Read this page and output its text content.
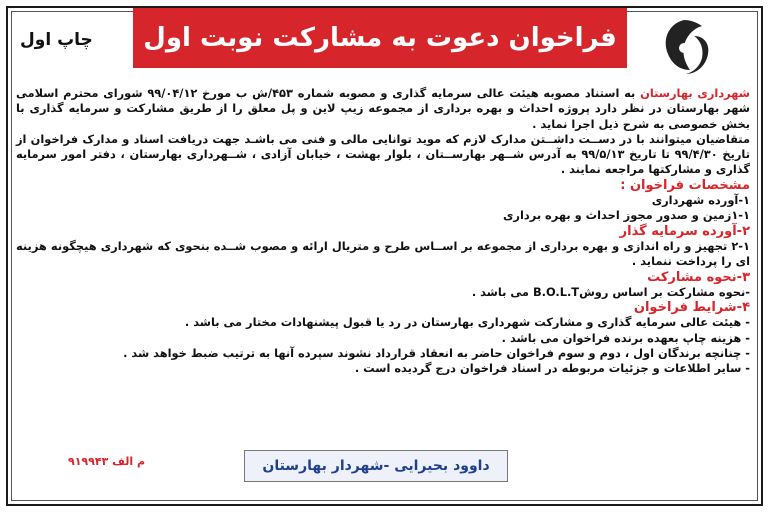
فراخوان دعوت به مشارکت نوبت اول
چاپ اول

شهرداری بهارستان به استناد مصوبه هیئت عالی سرمایه گذاری و مصوبه شماره ۴۵۳/ش ب مورخ ۹۹/۰۴/۱۲ شورای محترم اسلامی شهر بهارستان در نظر دارد پروژه احداث و بهره برداری از مجموعه زیپ لاین و پل معلق را از طریق مشارکت و سرمایه گذاری با بخش خصوصی به شرح ذیل اجرا نماید .

متقاضیان میتوانند با در دســت داشــتن مدارک لازم که موید توانایی مالی و فنی می باشـد جهت دریافت اسناد و مدارک فراخوان از تاریخ ۹۹/۴/۳۰ تا تاریخ ۹۹/۵/۱۳ به آدرس شــهر بهارســتان ، بلوار بهشت ، خیابان آزادی ، شــهرداری بهارستان ، دفتر امور سرمایه گذاری و مشارکتها مراجعه نمایند .

مشخصات فراخوان :

۱-آورده شهرداری

۱-۱زمین و صدور مجوز احداث و بهره برداری

۲-آورده سرمایه گذار

۲-۱ تجهیز و راه اندازی و بهره برداری از مجموعه بر اســاس طرح و متریال ارائه و مصوب شــده بنحوی که شهرداری هیچگونه هزینه ای را پرداخت ننماید .

۳-نحوه مشارکت

-نحوه مشارکت بر اساس روشB.O.L.T می باشد .

۴-شرایط فراخوان

- هیئت عالی سرمایه گذاری و مشارکت شهرداری بهارستان در رد یا قبول پیشنهادات مختار می باشد .

- هزینه چاپ بعهده برنده فراخوان می باشد .

- چنانچه برندگان اول ، دوم و سوم فراخوان حاضر به انعقاد قرارداد نشوند سپرده آنها به ترتیب ضبط خواهد شد .

- سایر اطلاعات و جزئیات مربوطه در اسناد فراخوان درج گردیده است .

داوود بحیرایی -شهردار بهارستان
م الف ۹۱۹۹۴۳
